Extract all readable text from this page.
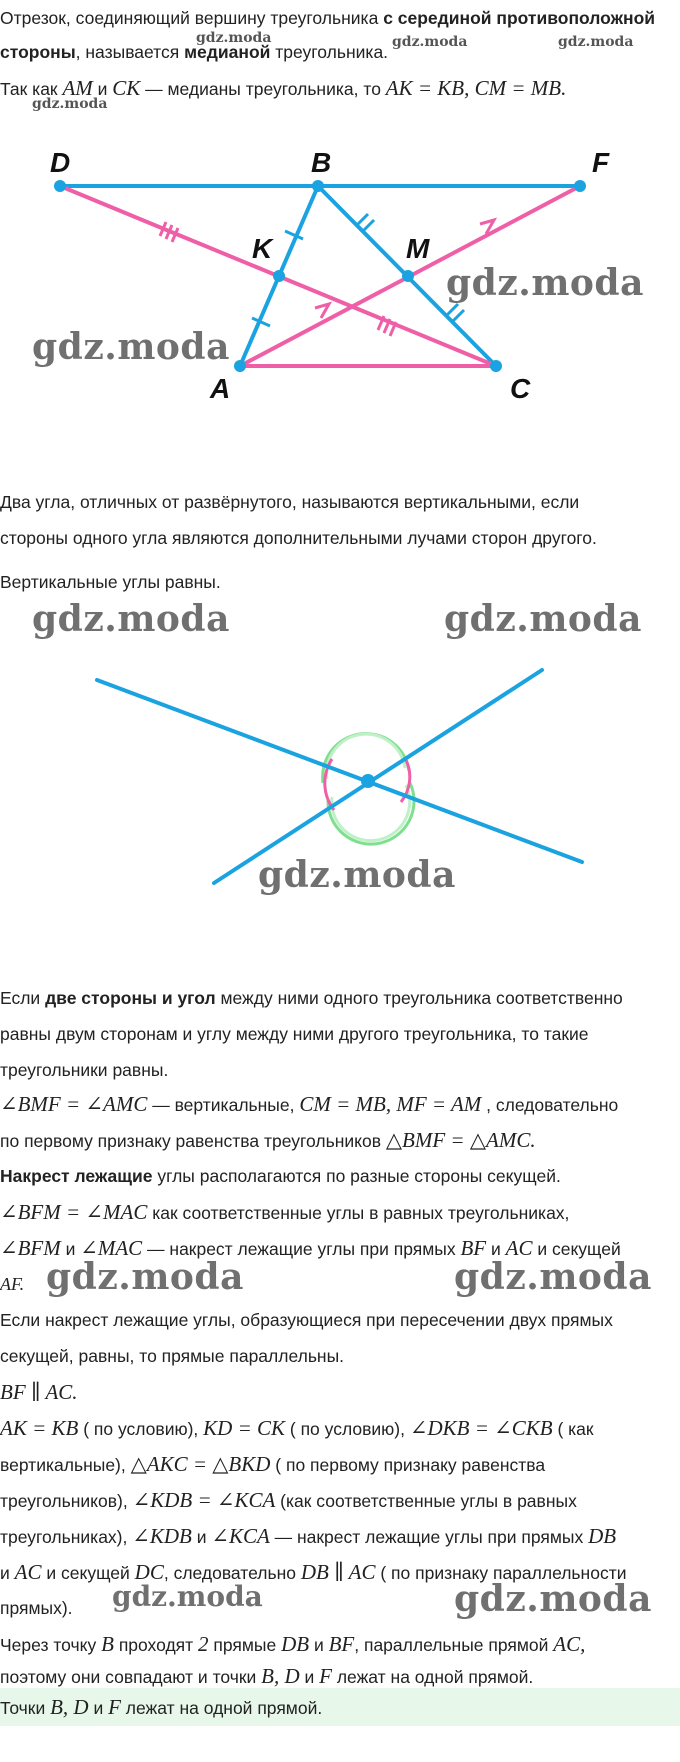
Отрезок, соединяющий вершину треугольника с серединой противоположной
стороны, называется медианой треугольника.
Так как AM и CK — медианы треугольника, то AK = KB, CM = MB.
gdz.moda	gdz.moda	gdz.moda
gdz.moda
D	B	F
K	M
A	C
gdz.moda
gdz.moda
Два угла, отличных от развёрнутого, называются вертикальными, если
стороны одного угла являются дополнительными лучами сторон другого.
Вертикальные углы равны.
gdz.moda	gdz.moda
gdz.moda
Если две стороны и угол между ними одного треугольника соответственно
равны двум сторонам и углу между ними другого треугольника, то такие
треугольники равны.
∠BMF = ∠AMC — вертикальные, CM = MB, MF = AM , следовательно
по первому признаку равенства треугольников △BMF = △AMC.
Накрест лежащие углы располагаются по разные стороны секущей.
∠BFM = ∠MAC как соответственные углы в равных треугольниках,
∠BFM и ∠MAC — накрест лежащие углы при прямых BF и AC и секущей
AF. gdz.moda	gdz.moda
Если накрест лежащие углы, образующиеся при пересечении двух прямых
секущей, равны, то прямые параллельны.
BF ∥ AC.
AK = KB ( по условию), KD = CK ( по условию), ∠DKB = ∠CKB ( как
вертикальные), △AKC = △BKD ( по первому признаку равенства
треугольников), ∠KDB = ∠KCA (как соответственные углы в равных
треугольниках), ∠KDB и ∠KCA — накрест лежащие углы при прямых DB
и AC и секущей DC, следовательно DB ∥ AC ( по признаку параллельности
прямых). gdz.moda	gdz.moda
Через точку B проходят 2 прямые DB и BF, параллельные прямой AC,
поэтому они совпадают и точки B, D и F лежат на одной прямой.
Точки B, D и F лежат на одной прямой.
